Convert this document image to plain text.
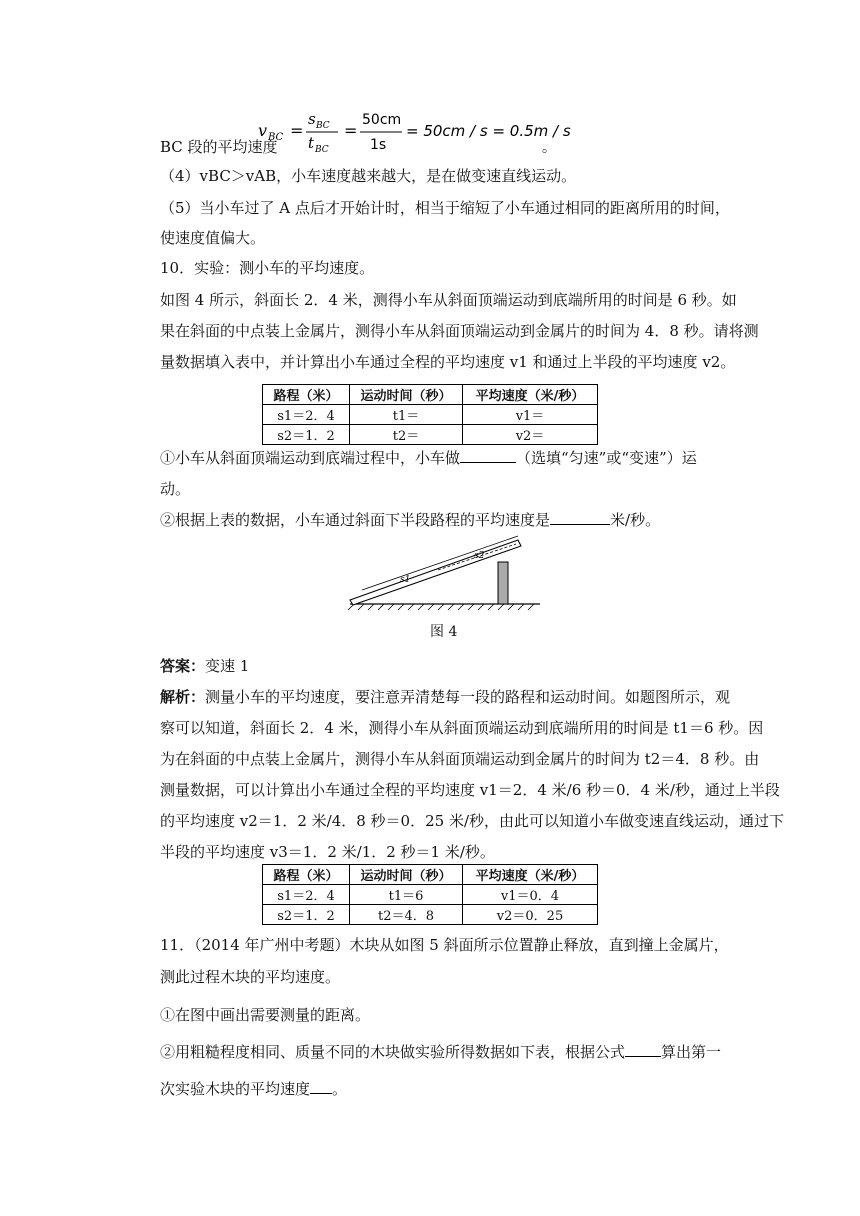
v BC =
s BC
t BC
=
50cm
1s
= 50cm / s = 0.5m / s
。

BC 段的平均速度

（4）vBC＞vAB，小车速度越来越大，是在做变速直线运动。

（5）当小车过了 A 点后才开始计时，相当于缩短了小车通过相同的距离所用的时间，

使速度值偏大。

10．实验：测小车的平均速度。

如图 4 所示，斜面长 2．4 米，测得小车从斜面顶端运动到底端所用的时间是 6 秒。如

果在斜面的中点装上金属片，测得小车从斜面顶端运动到金属片的时间为 4．8 秒。请将测

量数据填入表中，并计算出小车通过全程的平均速度 v1 和通过上半段的平均速度 v2。

路程（米）	运动时间（秒）	平均速度（米/秒）
s1＝2．4	t1＝	v1＝
s2＝1．2	t2＝	v2＝

①小车从斜面顶端运动到底端过程中，小车做	（选填“匀速”或“变速”）运

动。

②根据上表的数据，小车通过斜面下半段路程的平均速度是	米/秒。

s1
s2
图 4

答案：变速 1

解析：测量小车的平均速度，要注意弄清楚每一段的路程和运动时间。如题图所示，观

察可以知道，斜面长 2．4 米，测得小车从斜面顶端运动到底端所用的时间是 t1＝6 秒。因

为在斜面的中点装上金属片，测得小车从斜面顶端运动到金属片的时间为 t2＝4．8 秒。由

测量数据，可以计算出小车通过全程的平均速度 v1＝2．4 米/6 秒＝0．4 米/秒，通过上半段

的平均速度 v2＝1．2 米/4．8 秒＝0．25 米/秒，由此可以知道小车做变速直线运动，通过下

半段的平均速度 v3＝1．2 米/1．2 秒＝1 米/秒。

路程（米）	运动时间（秒）	平均速度（米/秒）
s1＝2．4	t1＝6	v1＝0．4
s2＝1．2	t2＝4．8	v2＝0．25

11．（2014 年广州中考题）木块从如图 5 斜面所示位置静止释放，直到撞上金属片，

测此过程木块的平均速度。

①在图中画出需要测量的距离。

②用粗糙程度相同、质量不同的木块做实验所得数据如下表，根据公式 算出第一

次实验木块的平均速度 。
